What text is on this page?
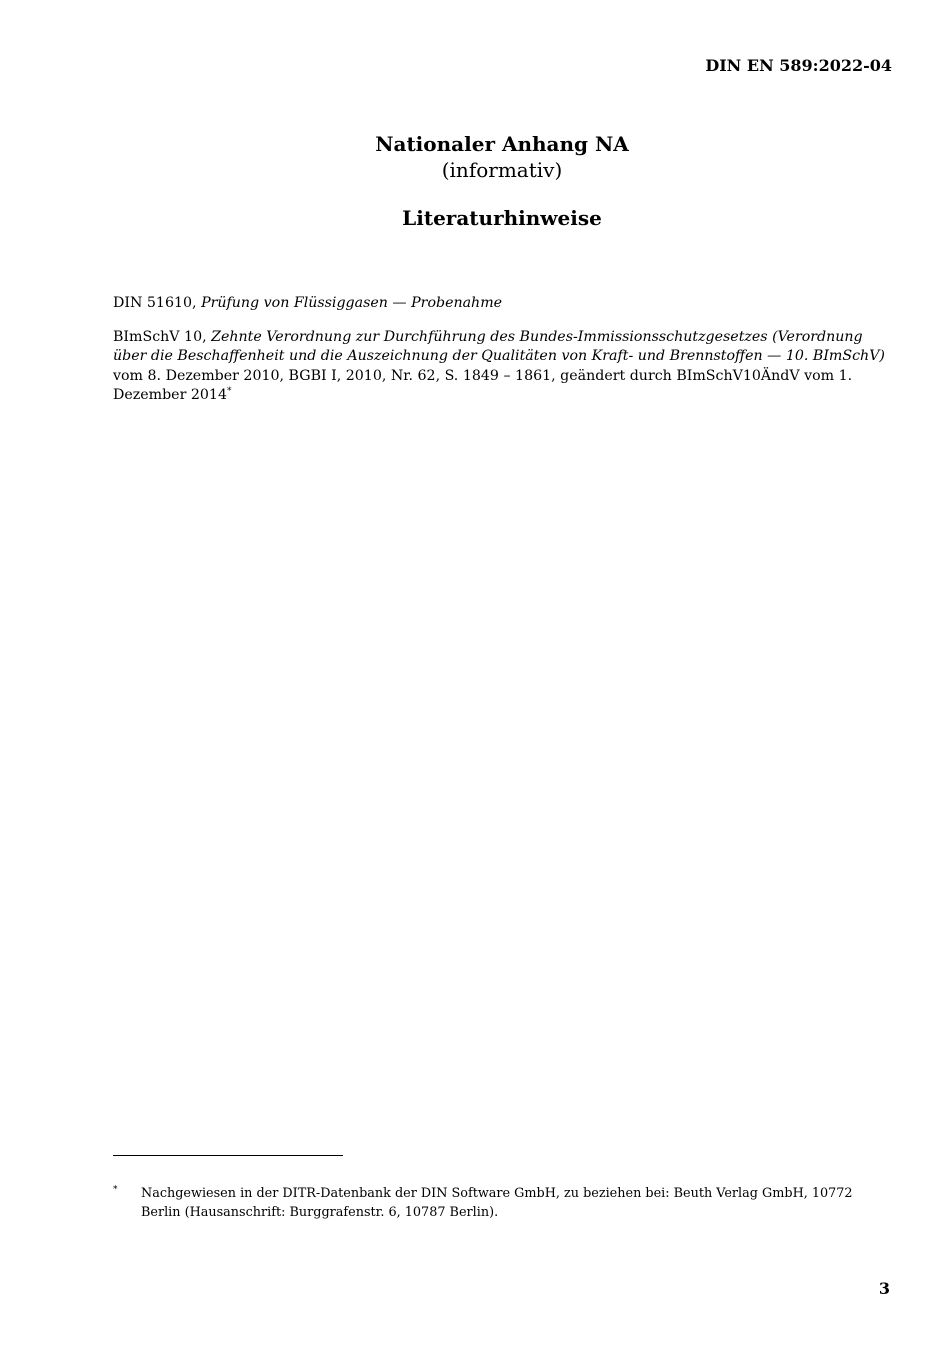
DIN EN 589:2022-04
Nationaler Anhang NA
(informativ)
Literaturhinweise

DIN 51610, Prüfung von Flüssiggasen — Probenahme

BImSchV 10, Zehnte Verordnung zur Durchführung des Bundes-Immissionsschutzgesetzes (Verordnung über die Beschaffenheit und die Auszeichnung der Qualitäten von Kraft- und Brennstoffen — 10. BImSchV) vom 8. Dezember 2010, BGBI I, 2010, Nr. 62, S. 1849 – 1861, geändert durch BImSchV10ÄndV vom 1. Dezember 2014*

* Nachgewiesen in der DITR-Datenbank der DIN Software GmbH, zu beziehen bei: Beuth Verlag GmbH, 10772 Berlin (Hausanschrift: Burggrafenstr. 6, 10787 Berlin).
3
